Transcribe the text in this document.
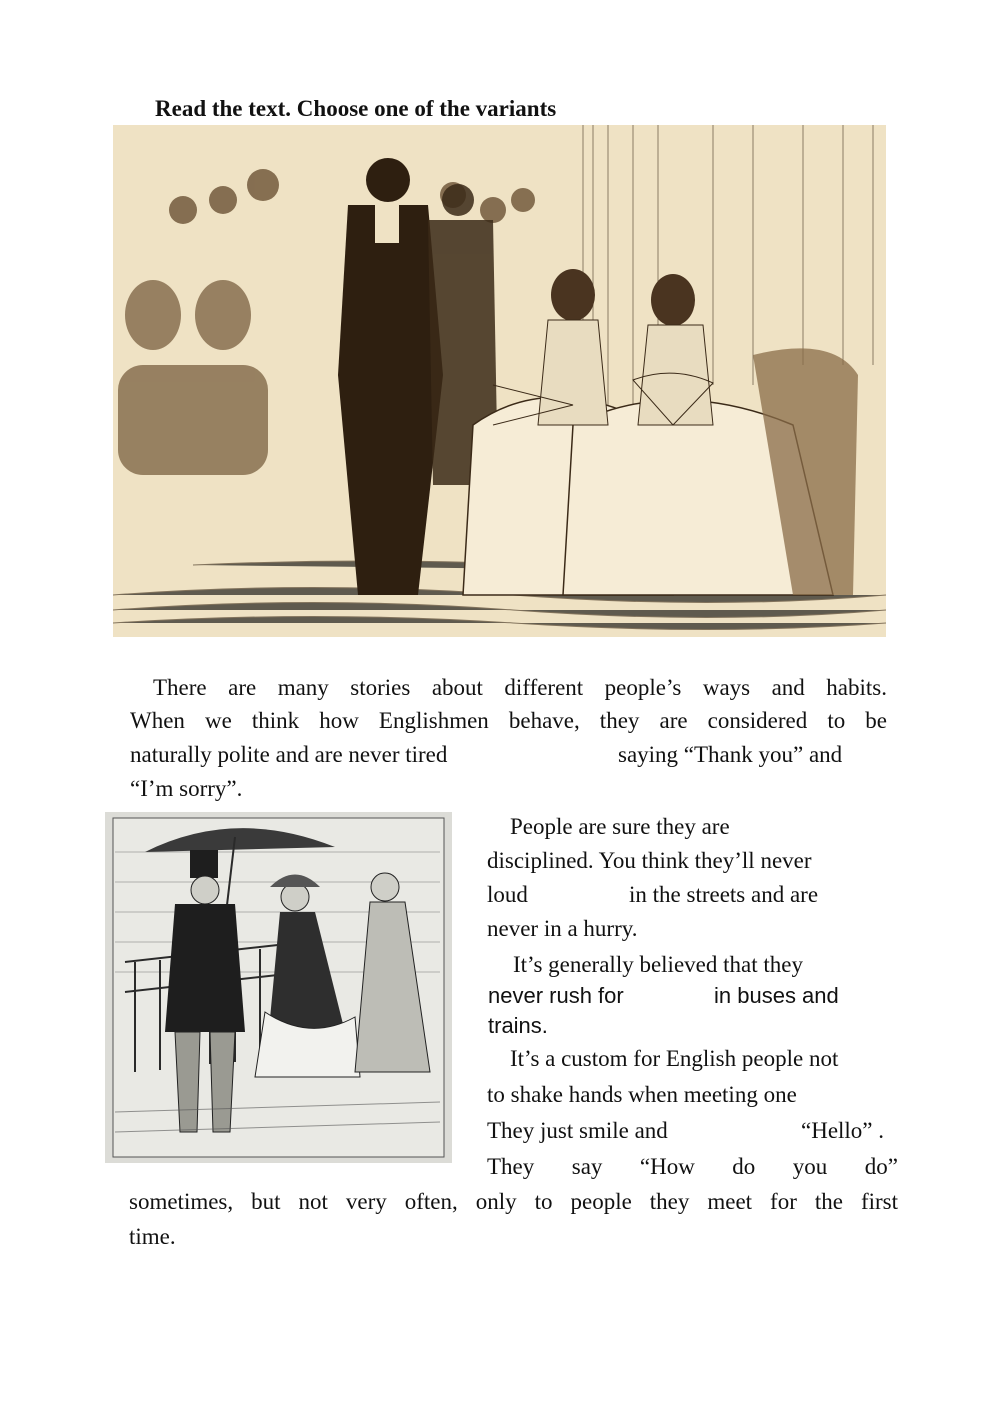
Read the text. Choose one of the variants

There are many stories about different people’s ways and habits.

When we think how Englishmen behave, they are considered to be

naturally polite and are never tired	saying “Thank you” and

“I’m sorry”.

People are sure they are

disciplined. You think they’ll never

loud	in the streets and are

never in a hurry.

It’s generally believed that they

never rush for	in buses and

trains.

It’s a custom for English people not

to shake hands when meeting one

They just smile and	“Hello” .

They say “How do you do”

sometimes, but not very often, only to people they meet for the first

time.
